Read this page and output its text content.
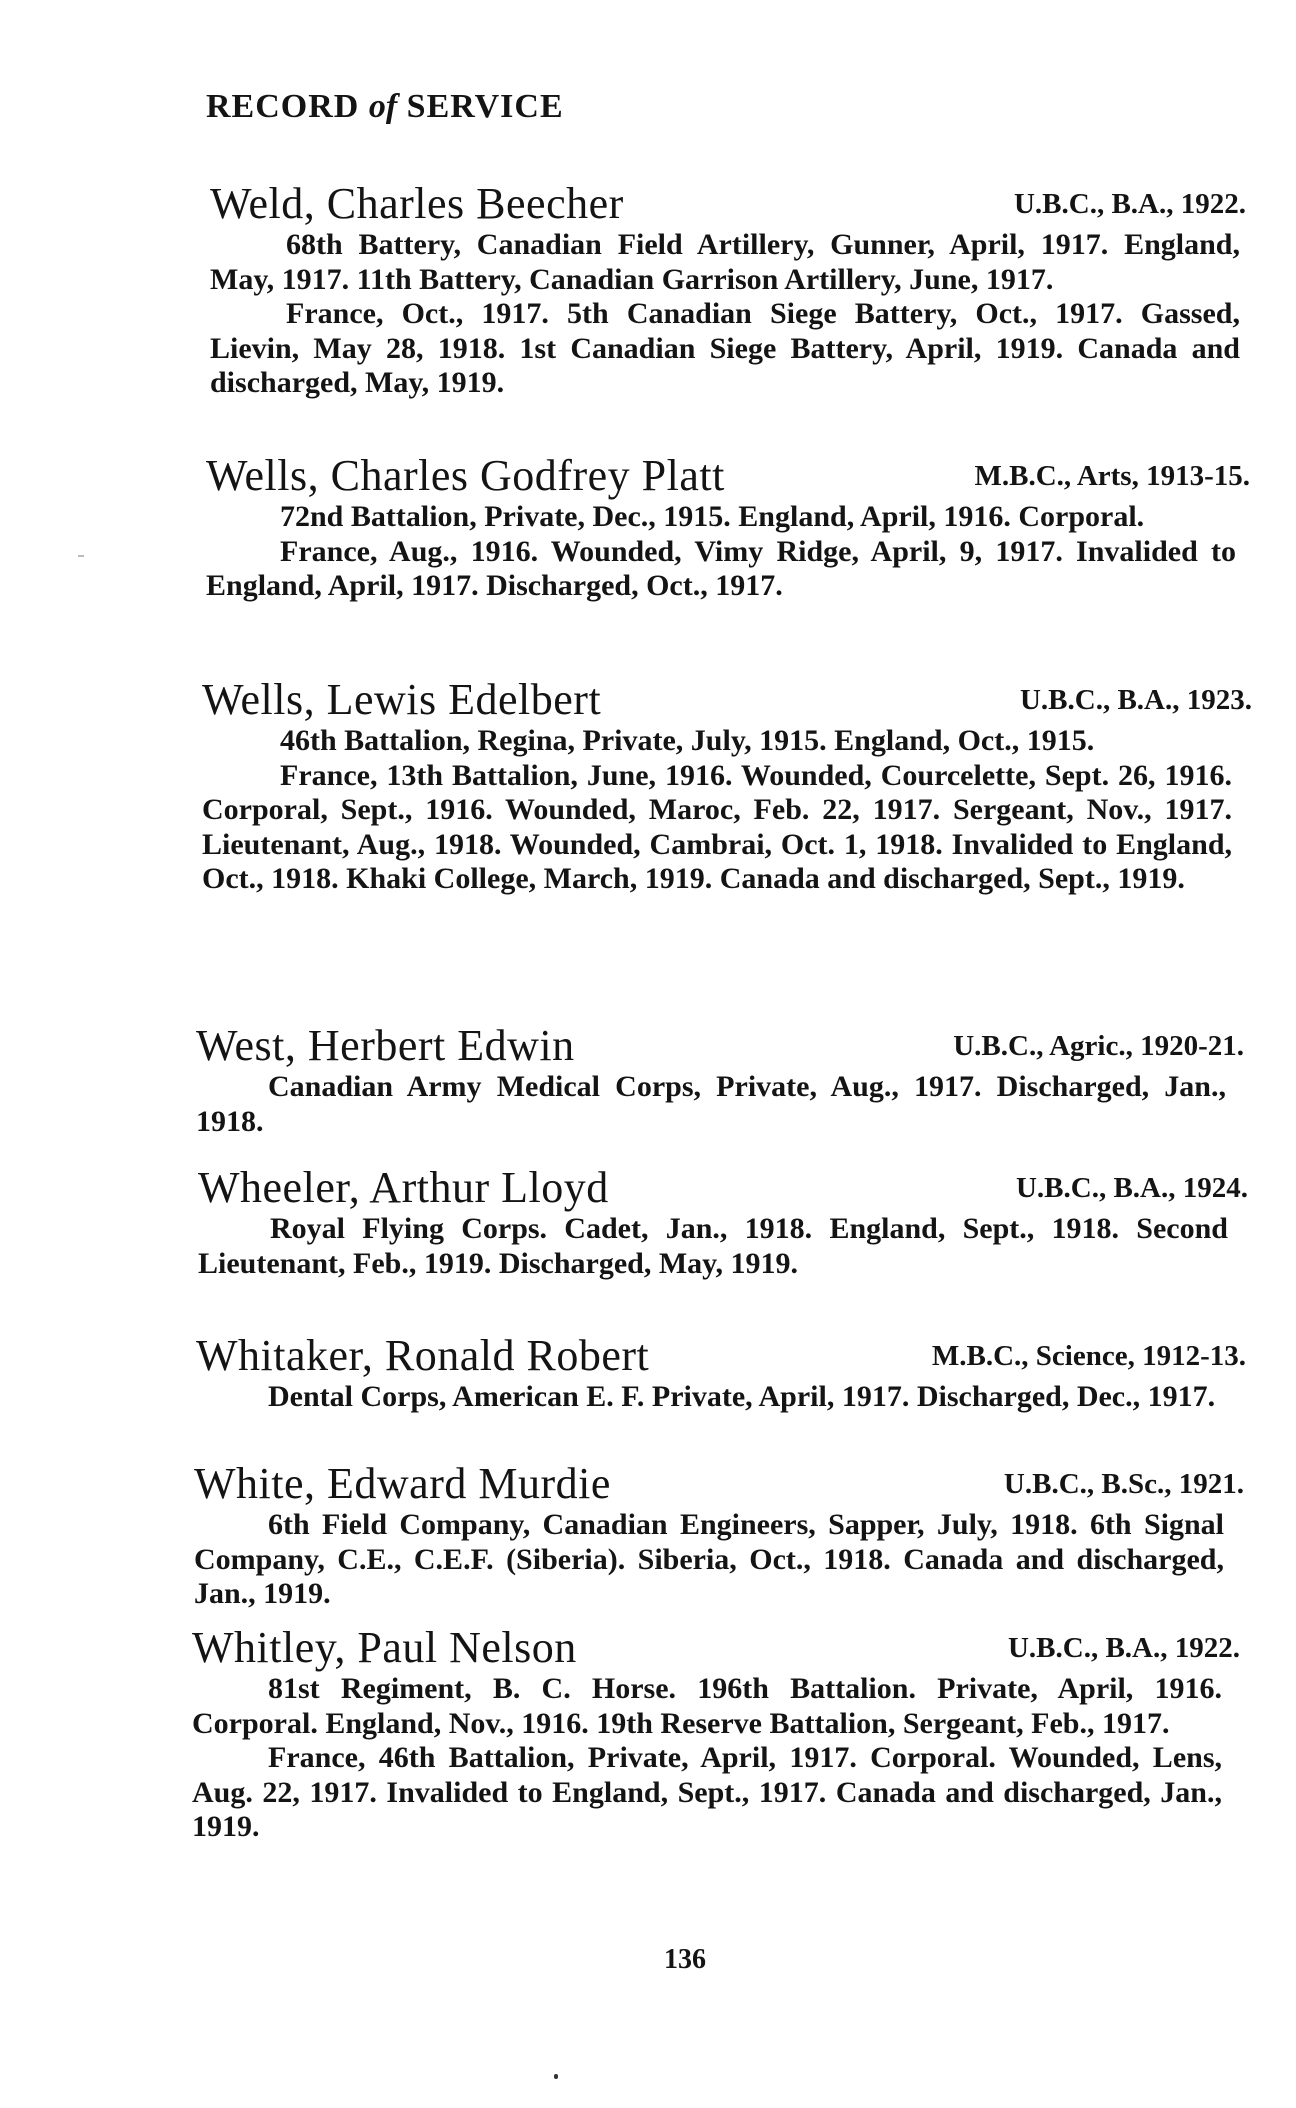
RECORD of SERVICE
Weld, Charles Beecher	U.B.C., B.A., 1922.

68th Battery, Canadian Field Artillery, Gunner, April, 1917. England, May, 1917. 11th Battery, Canadian Garrison Artillery, June, 1917.

France, Oct., 1917. 5th Canadian Siege Battery, Oct., 1917. Gassed, Lievin, May 28, 1918. 1st Canadian Siege Battery, April, 1919. Canada and discharged, May, 1919.

Wells, Charles Godfrey Platt	M.B.C., Arts, 1913-15.

72nd Battalion, Private, Dec., 1915. England, April, 1916. Corporal.

France, Aug., 1916. Wounded, Vimy Ridge, April, 9, 1917. Invalided to England, April, 1917. Discharged, Oct., 1917.

Wells, Lewis Edelbert	U.B.C., B.A., 1923.

46th Battalion, Regina, Private, July, 1915. England, Oct., 1915.

France, 13th Battalion, June, 1916. Wounded, Courcelette, Sept. 26, 1916. Corporal, Sept., 1916. Wounded, Maroc, Feb. 22, 1917. Sergeant, Nov., 1917. Lieutenant, Aug., 1918. Wounded, Cambrai, Oct. 1, 1918. Invalided to England, Oct., 1918. Khaki College, March, 1919. Canada and discharged, Sept., 1919.

West, Herbert Edwin	U.B.C., Agric., 1920-21.

Canadian Army Medical Corps, Private, Aug., 1917. Discharged, Jan., 1918.

Wheeler, Arthur Lloyd	U.B.C., B.A., 1924.

Royal Flying Corps. Cadet, Jan., 1918. England, Sept., 1918. Second Lieutenant, Feb., 1919. Discharged, May, 1919.

Whitaker, Ronald Robert	M.B.C., Science, 1912-13.

Dental Corps, American E. F. Private, April, 1917. Discharged, Dec., 1917.

White, Edward Murdie	U.B.C., B.Sc., 1921.

6th Field Company, Canadian Engineers, Sapper, July, 1918. 6th Signal Company, C.E., C.E.F. (Siberia). Siberia, Oct., 1918. Canada and discharged, Jan., 1919.

Whitley, Paul Nelson	U.B.C., B.A., 1922.

81st Regiment, B. C. Horse. 196th Battalion. Private, April, 1916. Corporal. England, Nov., 1916. 19th Reserve Battalion, Sergeant, Feb., 1917.

France, 46th Battalion, Private, April, 1917. Corporal. Wounded, Lens, Aug. 22, 1917. Invalided to England, Sept., 1917. Canada and discharged, Jan., 1919.

136
